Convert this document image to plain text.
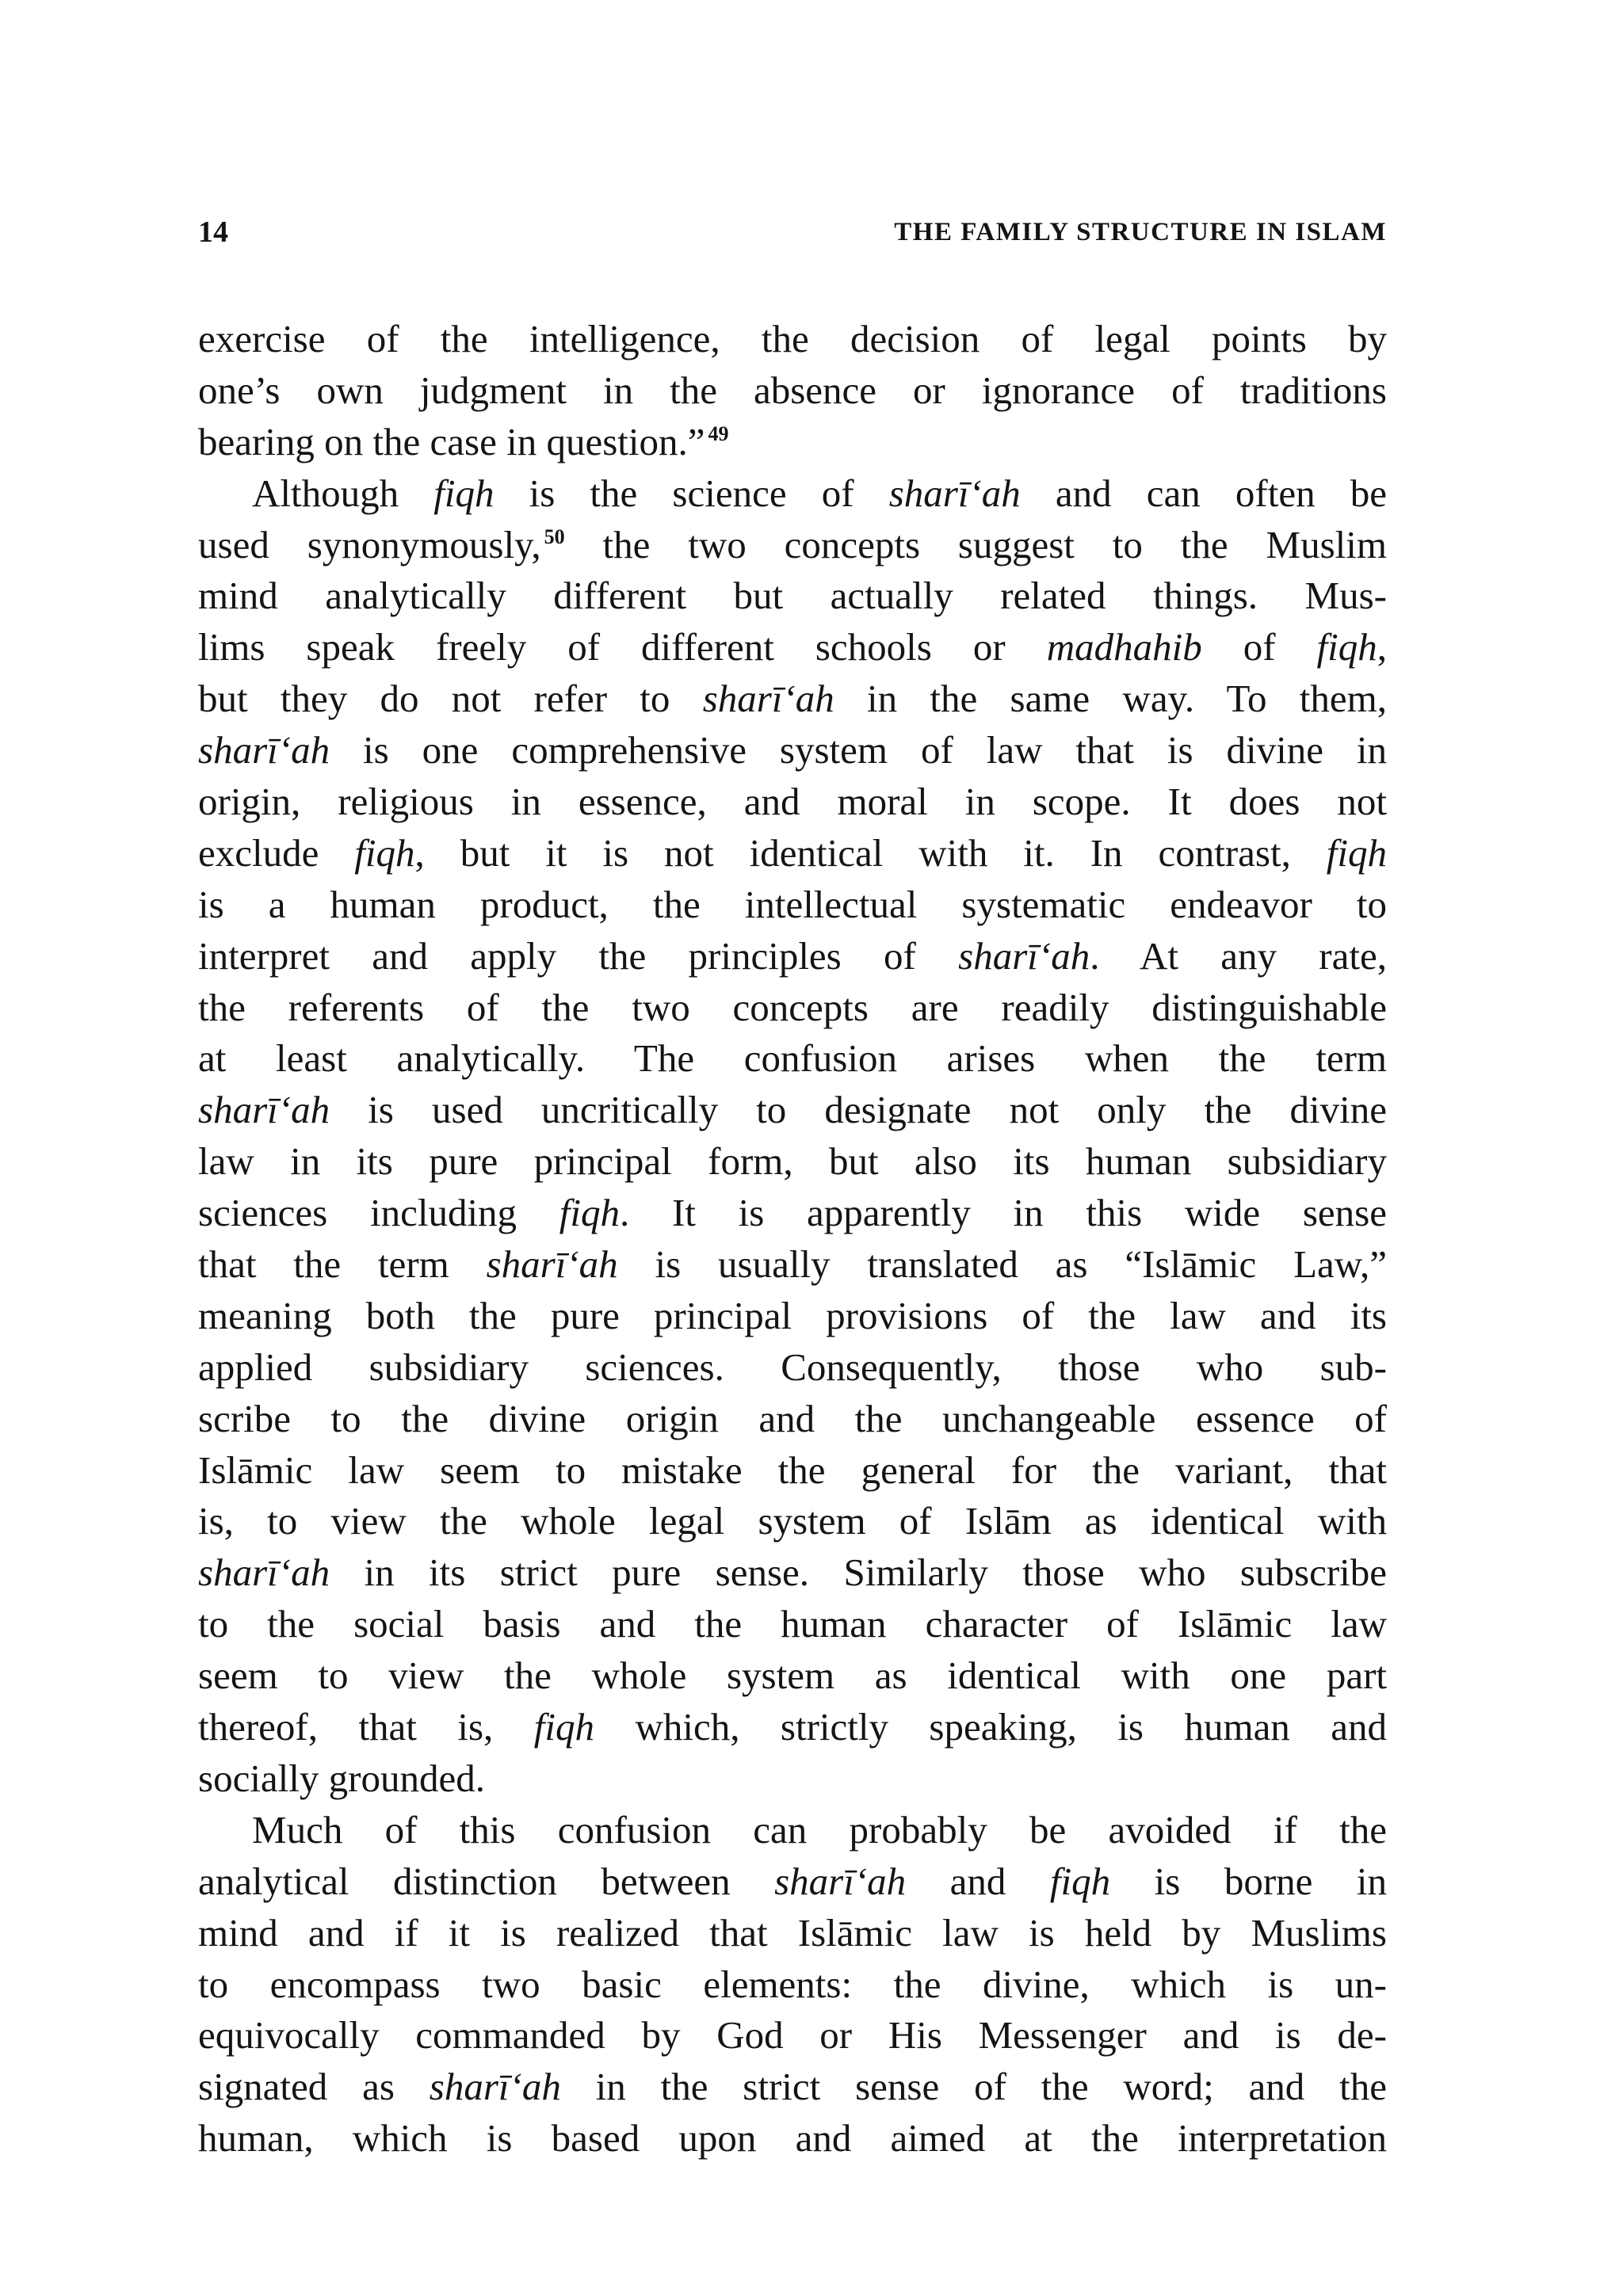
14	THE FAMILY STRUCTURE IN ISLAM
exercise of the intelligence, the decision of legal points by
one’s own judgment in the absence or ignorance of traditions
bearing on the case in question.” $^{49}$
Although fiqh is the science of sharī‘ah and can often be
used synonymously, $^{50}$ the two concepts suggest to the Muslim
mind analytically different but actually related things. Mus-
lims speak freely of different schools or madhahib of fiqh,
but they do not refer to sharī‘ah in the same way. To them,
sharī‘ah is one comprehensive system of law that is divine in
origin, religious in essence, and moral in scope. It does not
exclude fiqh, but it is not identical with it. In contrast, fiqh
is a human product, the intellectual systematic endeavor to
interpret and apply the principles of sharī‘ah. At any rate,
the referents of the two concepts are readily distinguishable
at least analytically. The confusion arises when the term
sharī‘ah is used uncritically to designate not only the divine
law in its pure principal form, but also its human subsidiary
sciences including fiqh. It is apparently in this wide sense
that the term sharī‘ah is usually translated as “Islāmic Law,”
meaning both the pure principal provisions of the law and its
applied subsidiary sciences. Consequently, those who sub-
scribe to the divine origin and the unchangeable essence of
Islāmic law seem to mistake the general for the variant, that
is, to view the whole legal system of Islām as identical with
sharī‘ah in its strict pure sense. Similarly those who subscribe
to the social basis and the human character of Islāmic law
seem to view the whole system as identical with one part
thereof, that is, fiqh which, strictly speaking, is human and
socially grounded.
Much of this confusion can probably be avoided if the
analytical distinction between sharī‘ah and fiqh is borne in
mind and if it is realized that Islāmic law is held by Muslims
to encompass two basic elements: the divine, which is un-
equivocally commanded by God or His Messenger and is de-
signated as sharī‘ah in the strict sense of the word; and the
human, which is based upon and aimed at the interpretation
